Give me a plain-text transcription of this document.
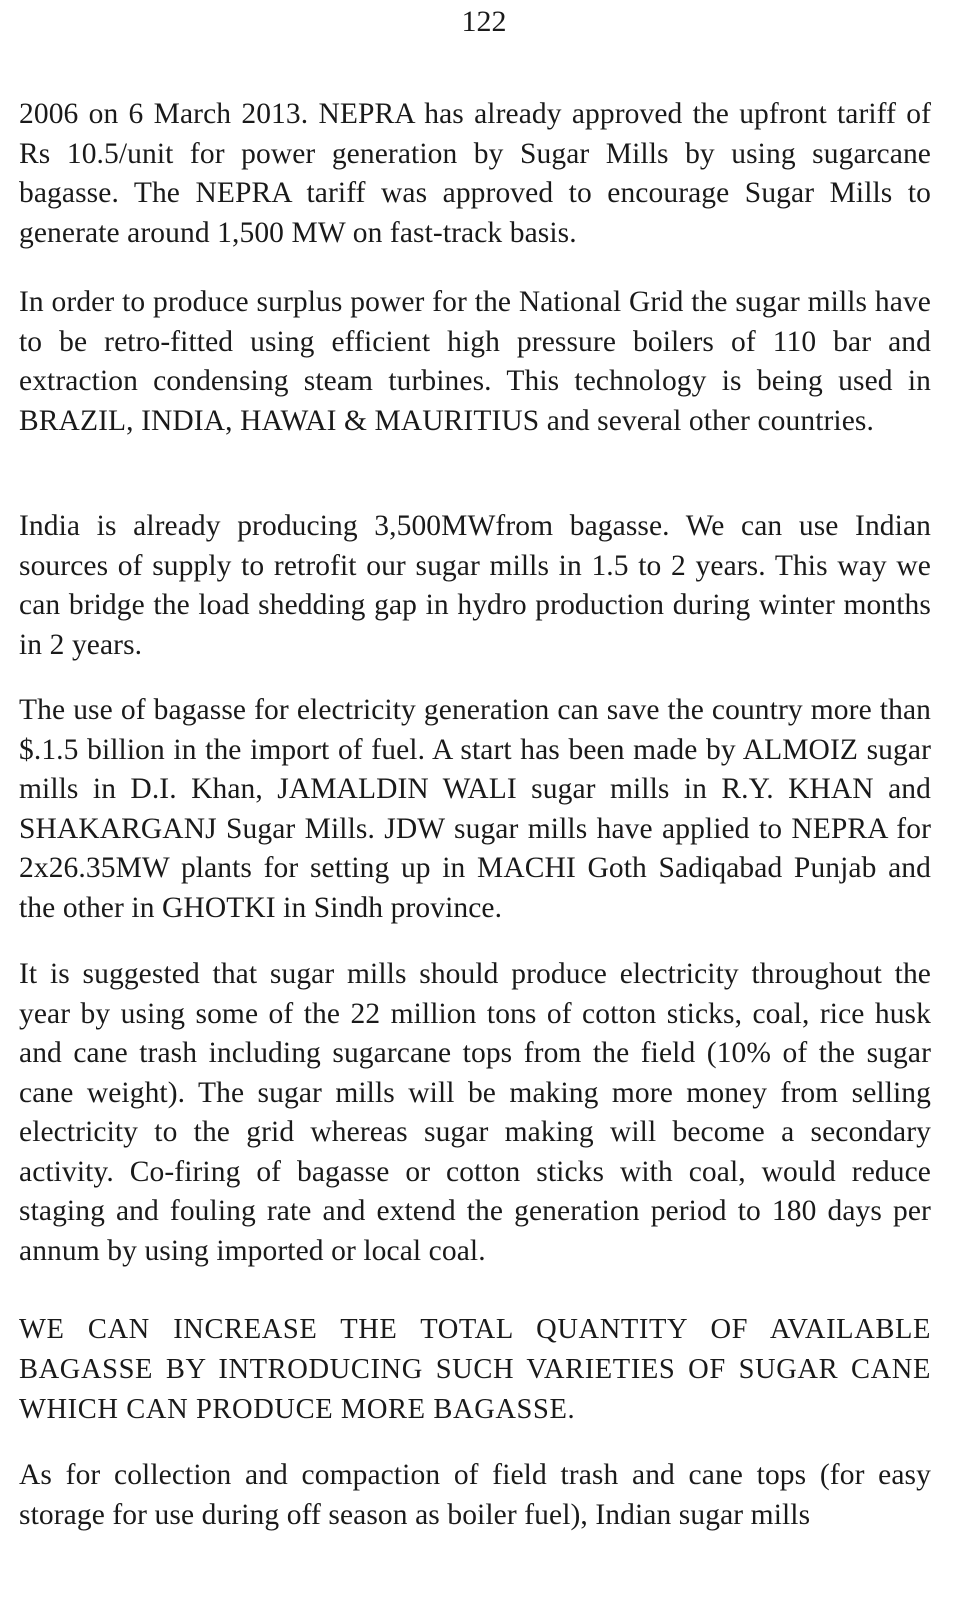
122

2006 on 6 March 2013. NEPRA has already approved the upfront tariff of Rs 10.5/unit for power generation by Sugar Mills by using sugarcane bagasse. The NEPRA tariff was approved to encourage Sugar Mills to generate around 1,500 MW on fast-track basis.

In order to produce surplus power for the National Grid the sugar mills have to be retro-fitted using efficient high pressure boilers of 110 bar and extraction condensing steam turbines. This technology is being used in BRAZIL, INDIA, HAWAI & MAURITIUS and several other countries.

India is already producing 3,500MWfrom bagasse. We can use Indian sources of supply to retrofit our sugar mills in 1.5 to 2 years. This way we can bridge the load shedding gap in hydro production during winter months in 2 years.

The use of bagasse for electricity generation can save the country more than $.1.5 billion in the import of fuel. A start has been made by ALMOIZ sugar mills in D.I. Khan, JAMALDIN WALI sugar mills in R.Y. KHAN and SHAKARGANJ Sugar Mills. JDW sugar mills have applied to NEPRA for 2x26.35MW plants for setting up in MACHI Goth Sadiqabad Punjab and the other in GHOTKI in Sindh province.

It is suggested that sugar mills should produce electricity throughout the year by using some of the 22 million tons of cotton sticks, coal, rice husk and cane trash including sugarcane tops from the field (10% of the sugar cane weight). The sugar mills will be making more money from selling electricity to the grid whereas sugar making will become a secondary activity. Co-firing of bagasse or cotton sticks with coal, would reduce staging and fouling rate and extend the generation period to 180 days per annum by using imported or local coal.

WE CAN INCREASE THE TOTAL QUANTITY OF AVAILABLE BAGASSE BY INTRODUCING SUCH VARIETIES OF SUGAR CANE WHICH CAN PRODUCE MORE BAGASSE.

As for collection and compaction of field trash and cane tops (for easy storage for use during off season as boiler fuel), Indian sugar mills
